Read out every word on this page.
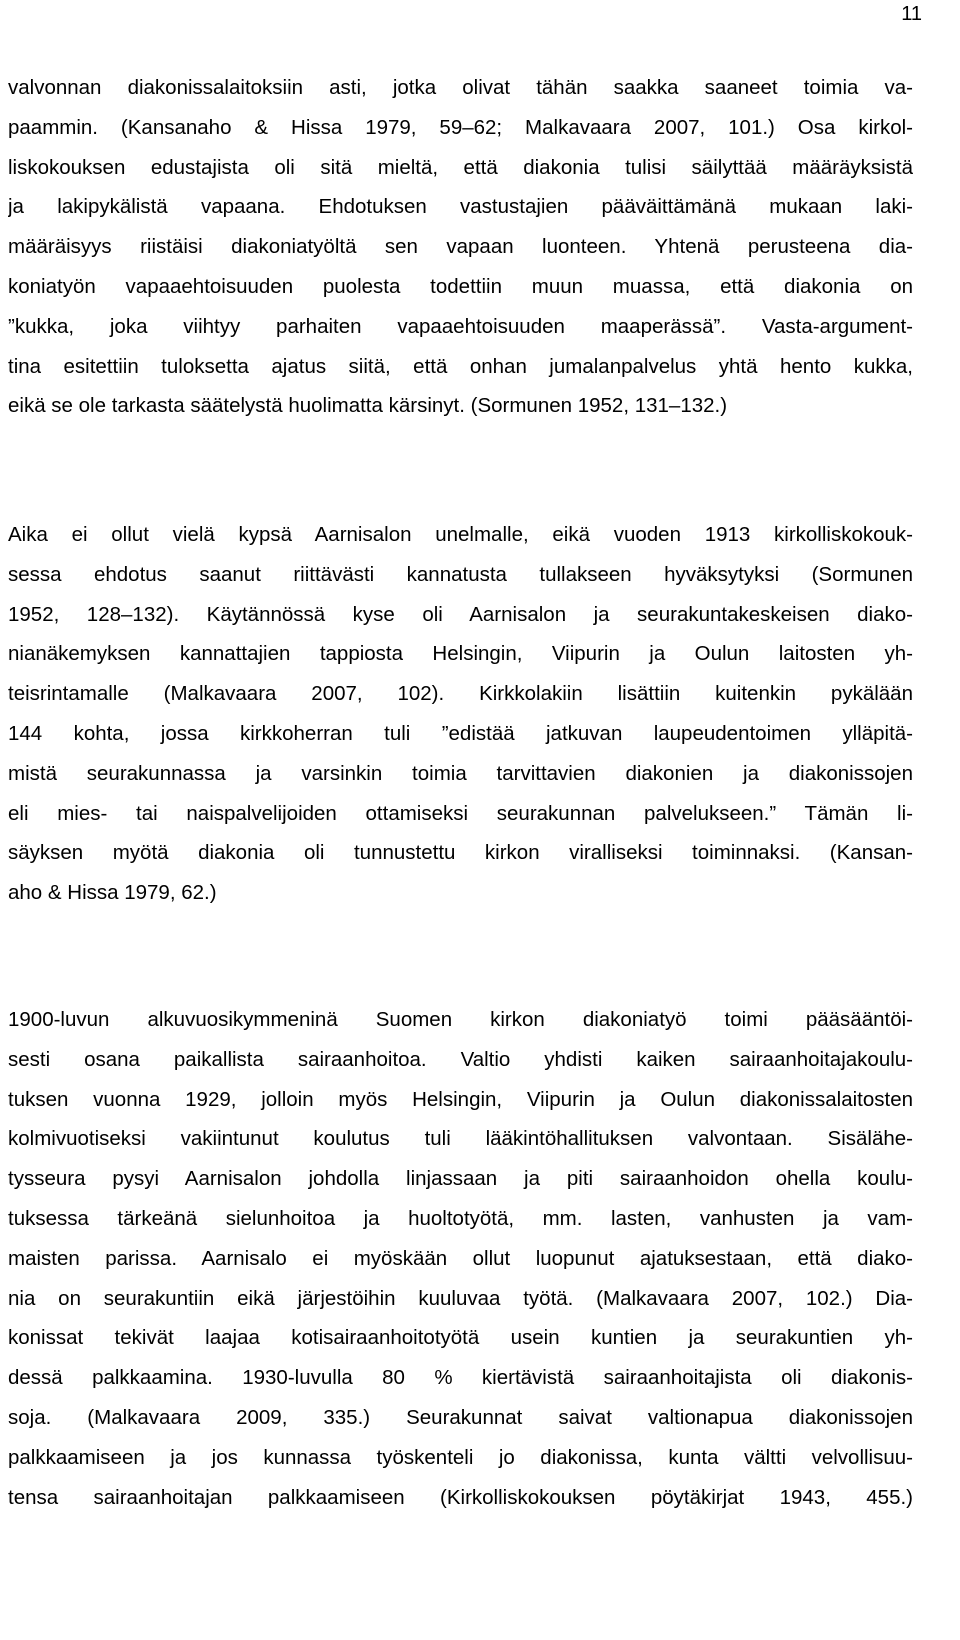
11
valvonnan diakonissalaitoksiin asti, jotka olivat tähän saakka saaneet toimia va-
paammin. (Kansanaho & Hissa 1979, 59–62; Malkavaara 2007, 101.) Osa kirkol-
liskokouksen edustajista oli sitä mieltä, että diakonia tulisi säilyttää määräyksistä
ja lakipykälistä vapaana. Ehdotuksen vastustajien pääväittämänä mukaan laki-
määräisyys riistäisi diakoniatyöltä sen vapaan luonteen. Yhtenä perusteena dia-
koniatyön vapaaehtoisuuden puolesta todettiin muun muassa, että diakonia on
”kukka, joka viihtyy parhaiten vapaaehtoisuuden maaperässä”. Vasta-argument-
tina esitettiin tuloksetta ajatus siitä, että onhan jumalanpalvelus yhtä hento kukka,
eikä se ole tarkasta säätelystä huolimatta kärsinyt. (Sormunen 1952, 131–132.)
Aika ei ollut vielä kypsä Aarnisalon unelmalle, eikä vuoden 1913 kirkolliskokouk-
sessa ehdotus saanut riittävästi kannatusta tullakseen hyväksytyksi (Sormunen
1952, 128–132). Käytännössä kyse oli Aarnisalon ja seurakuntakeskeisen diako-
nianäkemyksen kannattajien tappiosta Helsingin, Viipurin ja Oulun laitosten yh-
teisrintamalle (Malkavaara 2007, 102). Kirkkolakiin lisättiin kuitenkin pykälään
144 kohta, jossa kirkkoherran tuli ”edistää jatkuvan laupeudentoimen ylläpitä-
mistä seurakunnassa ja varsinkin toimia tarvittavien diakonien ja diakonissojen
eli mies- tai naispalvelijoiden ottamiseksi seurakunnan palvelukseen.” Tämän li-
säyksen myötä diakonia oli tunnustettu kirkon viralliseksi toiminnaksi. (Kansan-
aho & Hissa 1979, 62.)
1900-luvun alkuvuosikymmeninä Suomen kirkon diakoniatyö toimi pääsääntöi-
sesti osana paikallista sairaanhoitoa. Valtio yhdisti kaiken sairaanhoitajakoulu-
tuksen vuonna 1929, jolloin myös Helsingin, Viipurin ja Oulun diakonissalaitosten
kolmivuotiseksi vakiintunut koulutus tuli lääkintöhallituksen valvontaan. Sisälähe-
tysseura pysyi Aarnisalon johdolla linjassaan ja piti sairaanhoidon ohella koulu-
tuksessa tärkeänä sielunhoitoa ja huoltotyötä, mm. lasten, vanhusten ja vam-
maisten parissa. Aarnisalo ei myöskään ollut luopunut ajatuksestaan, että diako-
nia on seurakuntiin eikä järjestöihin kuuluvaa työtä. (Malkavaara 2007, 102.) Dia-
konissat tekivät laajaa kotisairaanhoitotyötä usein kuntien ja seurakuntien yh-
dessä palkkaamina. 1930-luvulla 80 % kiertävistä sairaanhoitajista oli diakonis-
soja. (Malkavaara 2009, 335.) Seurakunnat saivat valtionapua diakonissojen
palkkaamiseen ja jos kunnassa työskenteli jo diakonissa, kunta vältti velvollisuu-
tensa sairaanhoitajan palkkaamiseen (Kirkolliskokouksen pöytäkirjat 1943, 455.)
